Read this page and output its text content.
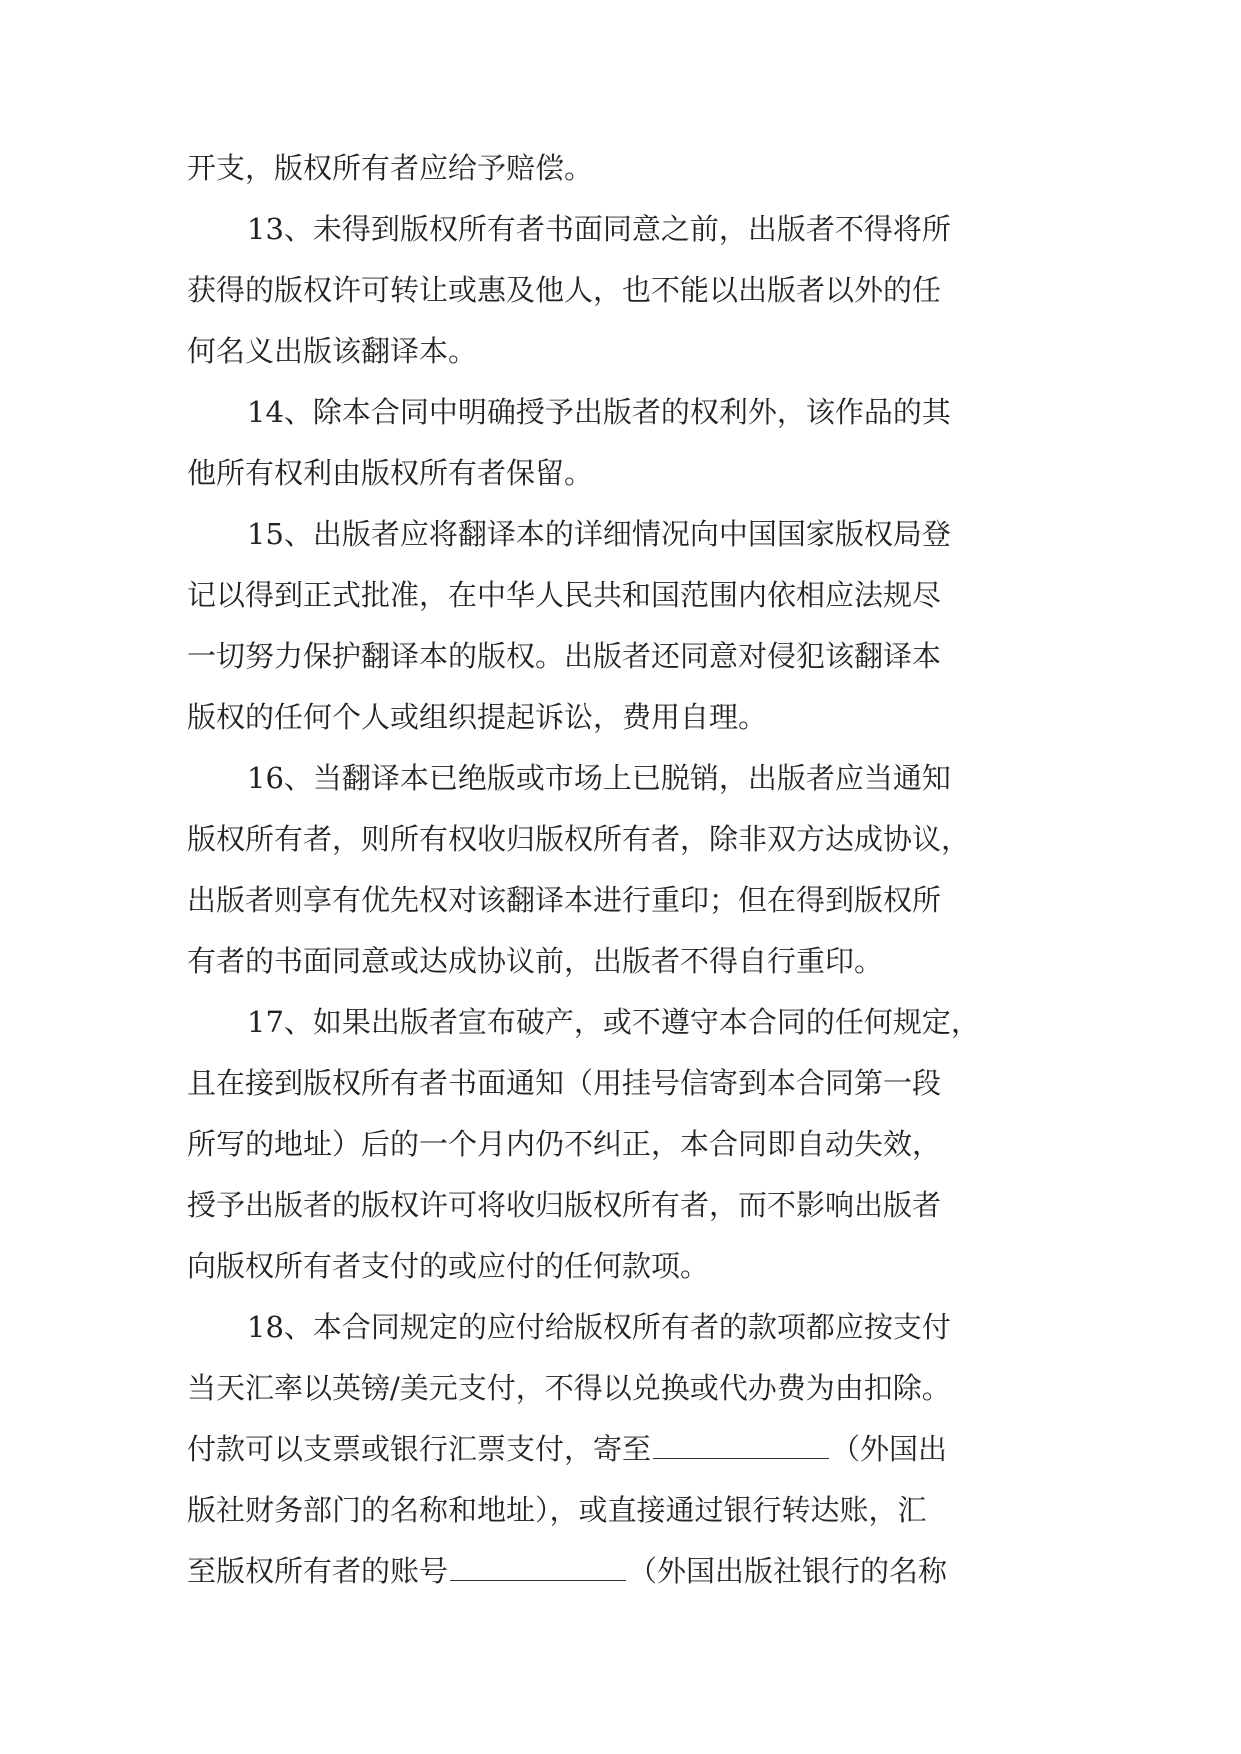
开支，版权所有者应给予赔偿。
13、未得到版权所有者书面同意之前，出版者不得将所
获得的版权许可转让或惠及他人，也不能以出版者以外的任
何名义出版该翻译本。
14、除本合同中明确授予出版者的权利外，该作品的其
他所有权利由版权所有者保留。
15、出版者应将翻译本的详细情况向中国国家版权局登
记以得到正式批准，在中华人民共和国范围内依相应法规尽
一切努力保护翻译本的版权。出版者还同意对侵犯该翻译本
版权的任何个人或组织提起诉讼，费用自理。
16、当翻译本已绝版或市场上已脱销，出版者应当通知
版权所有者，则所有权收归版权所有者，除非双方达成协议，
出版者则享有优先权对该翻译本进行重印；但在得到版权所
有者的书面同意或达成协议前，出版者不得自行重印。
17、如果出版者宣布破产，或不遵守本合同的任何规定，
且在接到版权所有者书面通知（用挂号信寄到本合同第一段
所写的地址）后的一个月内仍不纠正，本合同即自动失效，
授予出版者的版权许可将收归版权所有者，而不影响出版者
向版权所有者支付的或应付的任何款项。
18、本合同规定的应付给版权所有者的款项都应按支付
当天汇率以英镑/美元支付，不得以兑换或代办费为由扣除。
付款可以支票或银行汇票支付，寄至	（外国出
版社财务部门的名称和地址），或直接通过银行转达账，汇
至版权所有者的账号	（外国出版社银行的名称
